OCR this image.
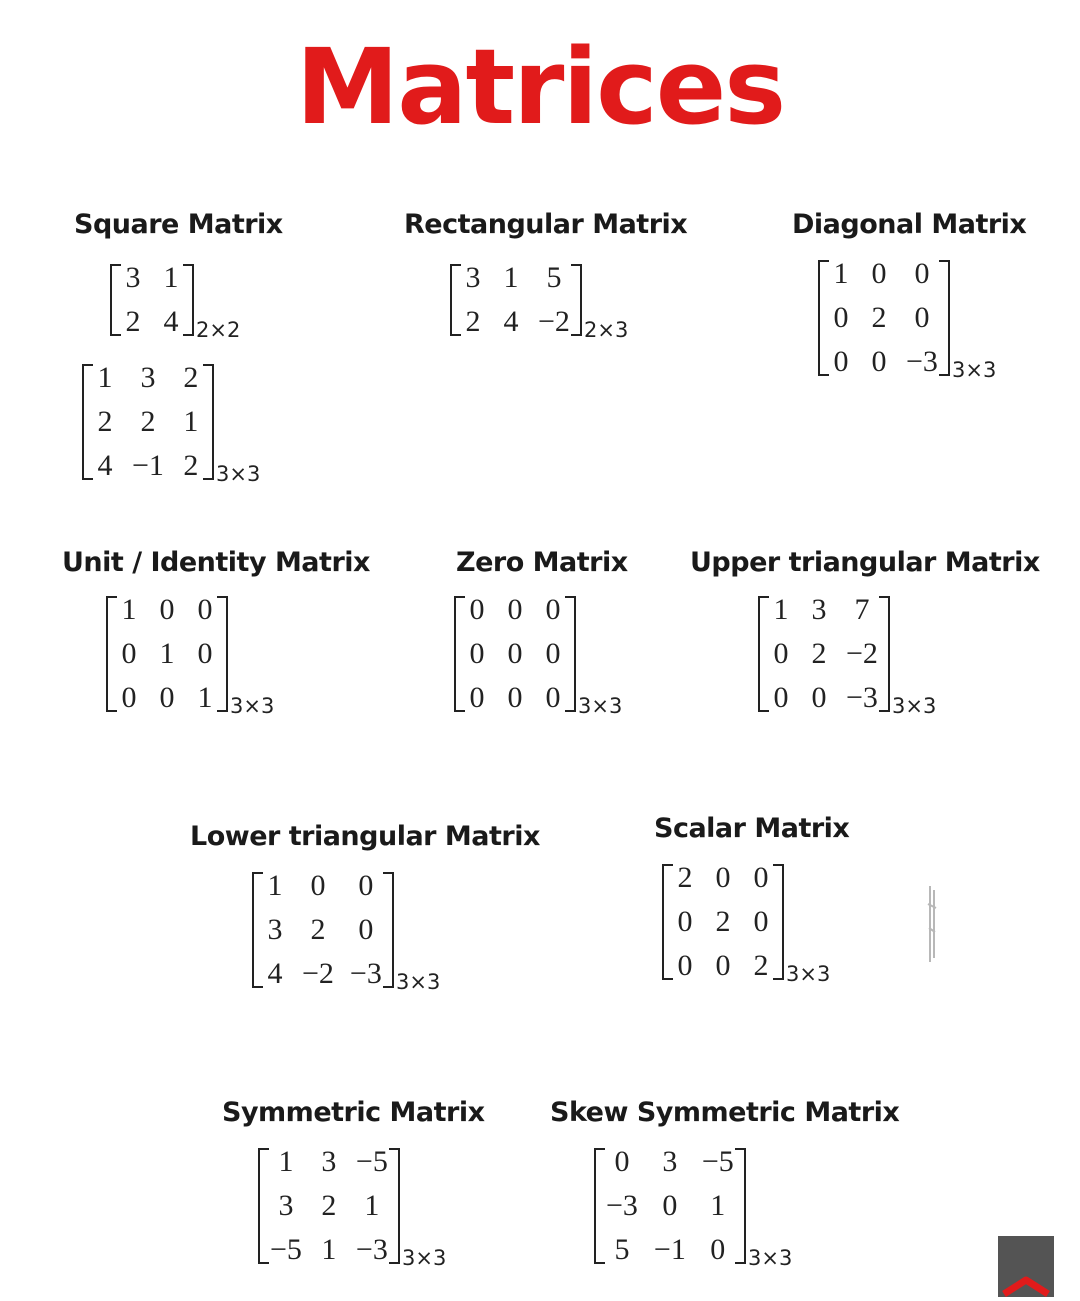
Matrices
Square Matrix
3	1
2	4 2×2
1	3	2
2	2	1
4	−1	2 3×3
Rectangular Matrix
3	1	5
2	4	−2 2×3
Diagonal Matrix
1	0	0
0	2	0
0	0	−3 3×3
Unit / Identity Matrix
1	0	0
0	1	0
0	0	1 3×3
Zero Matrix
0	0	0
0	0	0
0	0	0 3×3
Upper triangular Matrix
1	3	7
0	2	−2
0	0	−3 3×3
Lower triangular Matrix
1	0	0
3	2	0
4	−2	−3 3×3
Scalar Matrix
2	0	0
0	2	0
0	0	2 3×3
Symmetric Matrix
1	3	−5
3	2	1
−5	1	−3 3×3
Skew Symmetric Matrix
0	3	−5
−3	0	1
5	−1	0 3×3
